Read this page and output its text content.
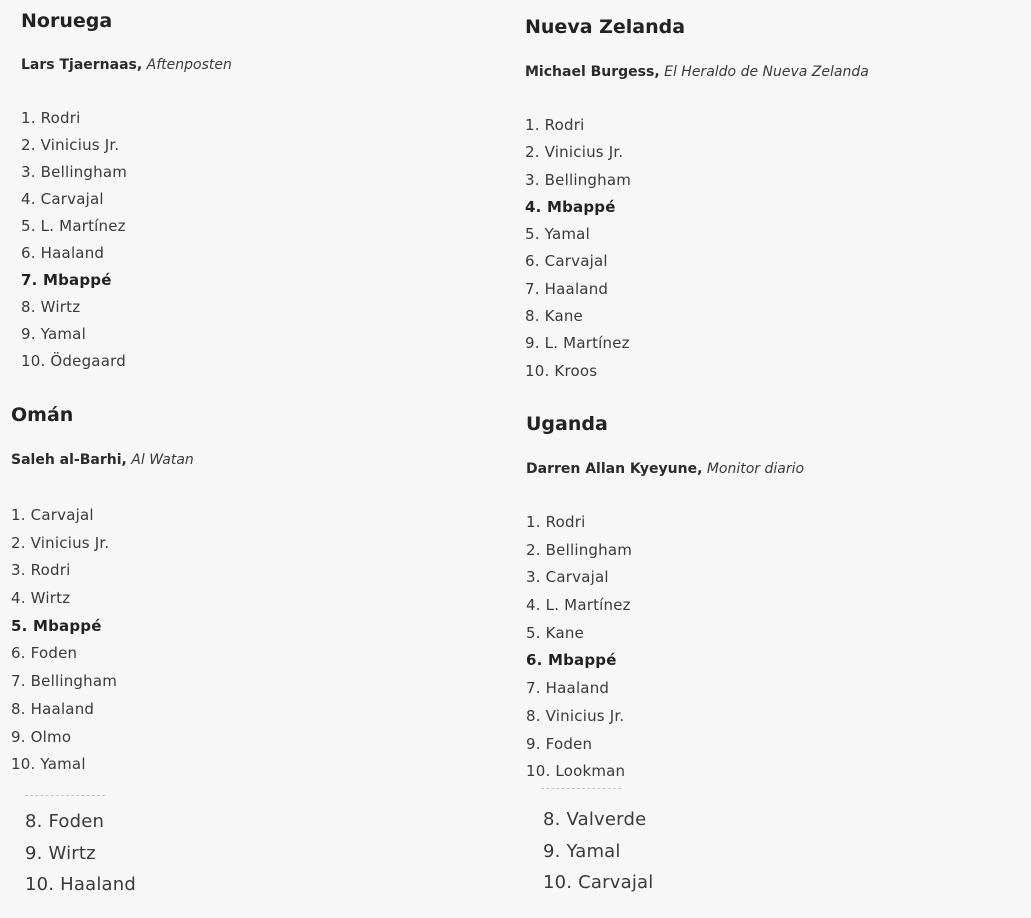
Noruega

Lars Tjaernaas, Aftenposten

1. Rodri
2. Vinicius Jr.
3. Bellingham
4. Carvajal
5. L. Martínez
6. Haaland
7. Mbappé
8. Wirtz
9. Yamal
10. Ödegaard
Nueva Zelanda

Michael Burgess, El Heraldo de Nueva Zelanda

1. Rodri
2. Vinicius Jr.
3. Bellingham
4. Mbappé
5. Yamal
6. Carvajal
7. Haaland
8. Kane
9. L. Martínez
10. Kroos
Omán

Saleh al-Barhi, Al Watan

1. Carvajal
2. Vinicius Jr.
3. Rodri
4. Wirtz
5. Mbappé
6. Foden
7. Bellingham
8. Haaland
9. Olmo
10. Yamal
Uganda

Darren Allan Kyeyune, Monitor diario

1. Rodri
2. Bellingham
3. Carvajal
4. L. Martínez
5. Kane
6. Mbappé
7. Haaland
8. Vinicius Jr.
9. Foden
10. Lookman
8. Foden
9. Wirtz
10. Haaland
8. Valverde
9. Yamal
10. Carvajal
